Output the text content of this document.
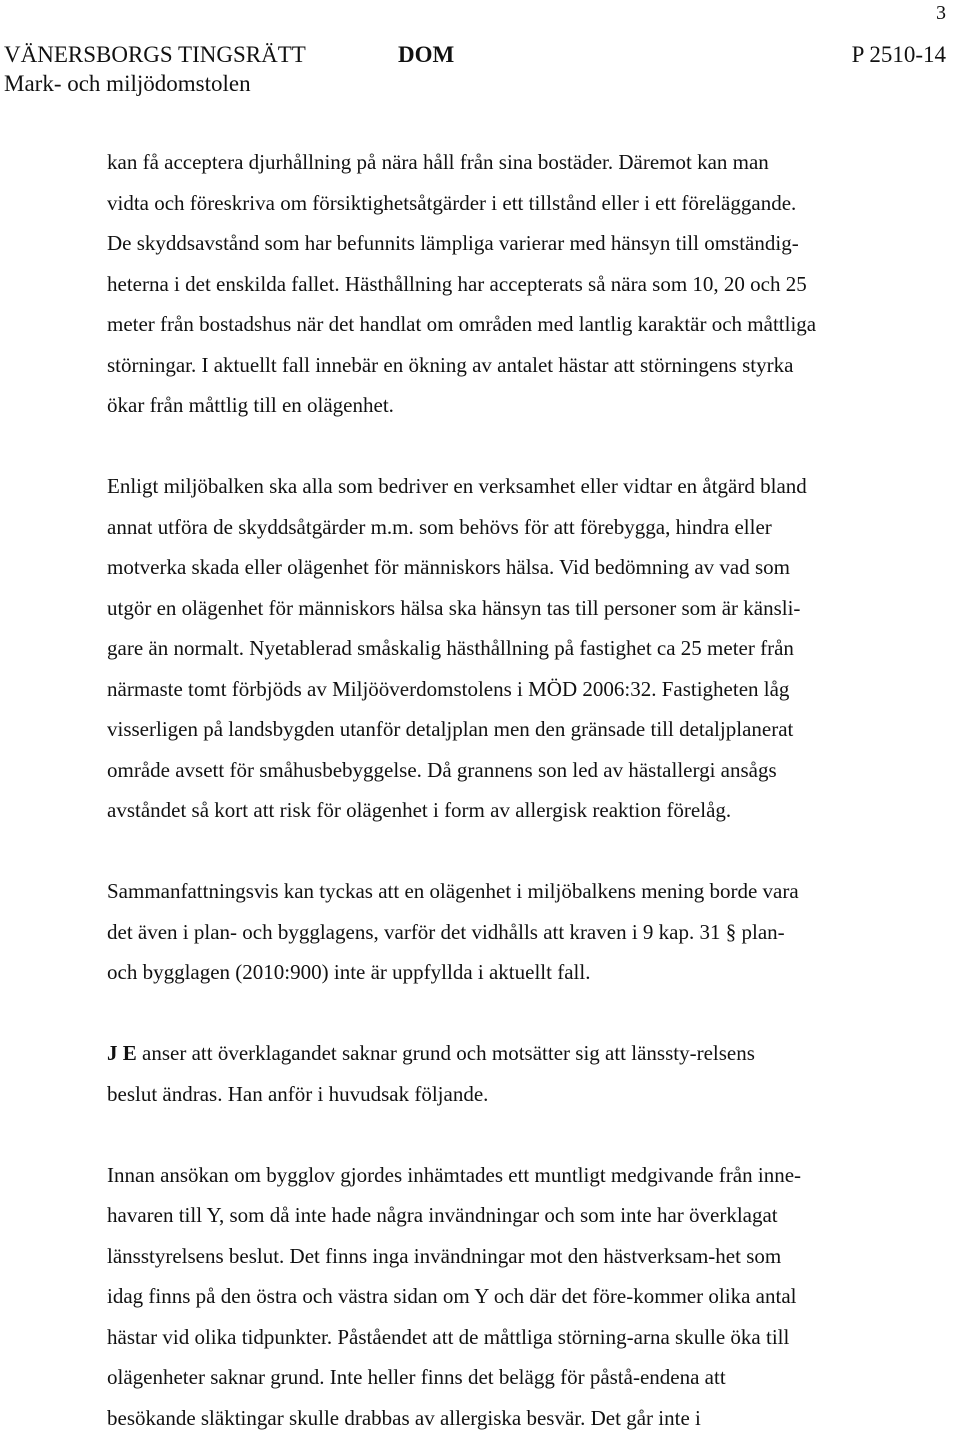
3
VÄNERSBORGS TINGSRÄTT
Mark- och miljödomstolen
DOM	P 2510-14

kan få acceptera djurhållning på nära håll från sina bostäder. Däremot kan man

vidta och föreskriva om försiktighetsåtgärder i ett tillstånd eller i ett föreläggande.

De skyddsavstånd som har befunnits lämpliga varierar med hänsyn till omständig-

heterna i det enskilda fallet. Hästhållning har accepterats så nära som 10, 20 och 25

meter från bostadshus när det handlat om områden med lantlig karaktär och måttliga

störningar. I aktuellt fall innebär en ökning av antalet hästar att störningens styrka

ökar från måttlig till en olägenhet.

Enligt miljöbalken ska alla som bedriver en verksamhet eller vidtar en åtgärd bland

annat utföra de skyddsåtgärder m.m. som behövs för att förebygga, hindra eller

motverka skada eller olägenhet för människors hälsa. Vid bedömning av vad som

utgör en olägenhet för människors hälsa ska hänsyn tas till personer som är känsli-

gare än normalt. Nyetablerad småskalig hästhållning på fastighet ca 25 meter från

närmaste tomt förbjöds av Miljööverdomstolens i MÖD 2006:32. Fastigheten låg

visserligen på landsbygden utanför detaljplan men den gränsade till detaljplanerat

område avsett för småhusbebyggelse. Då grannens son led av hästallergi ansågs

avståndet så kort att risk för olägenhet i form av allergisk reaktion förelåg.

Sammanfattningsvis kan tyckas att en olägenhet i miljöbalkens mening borde vara

det även i plan- och bygglagens, varför det vidhålls att kraven i 9 kap. 31 § plan-

och bygglagen (2010:900) inte är uppfyllda i aktuellt fall.

J E anser att överklagandet saknar grund och motsätter sig att länssty-relsens

beslut ändras. Han anför i huvudsak följande.

Innan ansökan om bygglov gjordes inhämtades ett muntligt medgivande från inne-

havaren till Y, som då inte hade några invändningar och som inte har överklagat

länsstyrelsens beslut. Det finns inga invändningar mot den hästverksam-het som

idag finns på den östra och västra sidan om Y och där det före-kommer olika antal

hästar vid olika tidpunkter. Påståendet att de måttliga störning-arna skulle öka till

olägenheter saknar grund. Inte heller finns det belägg för påstå-endena att

besökande släktingar skulle drabbas av allergiska besvär. Det går inte i
